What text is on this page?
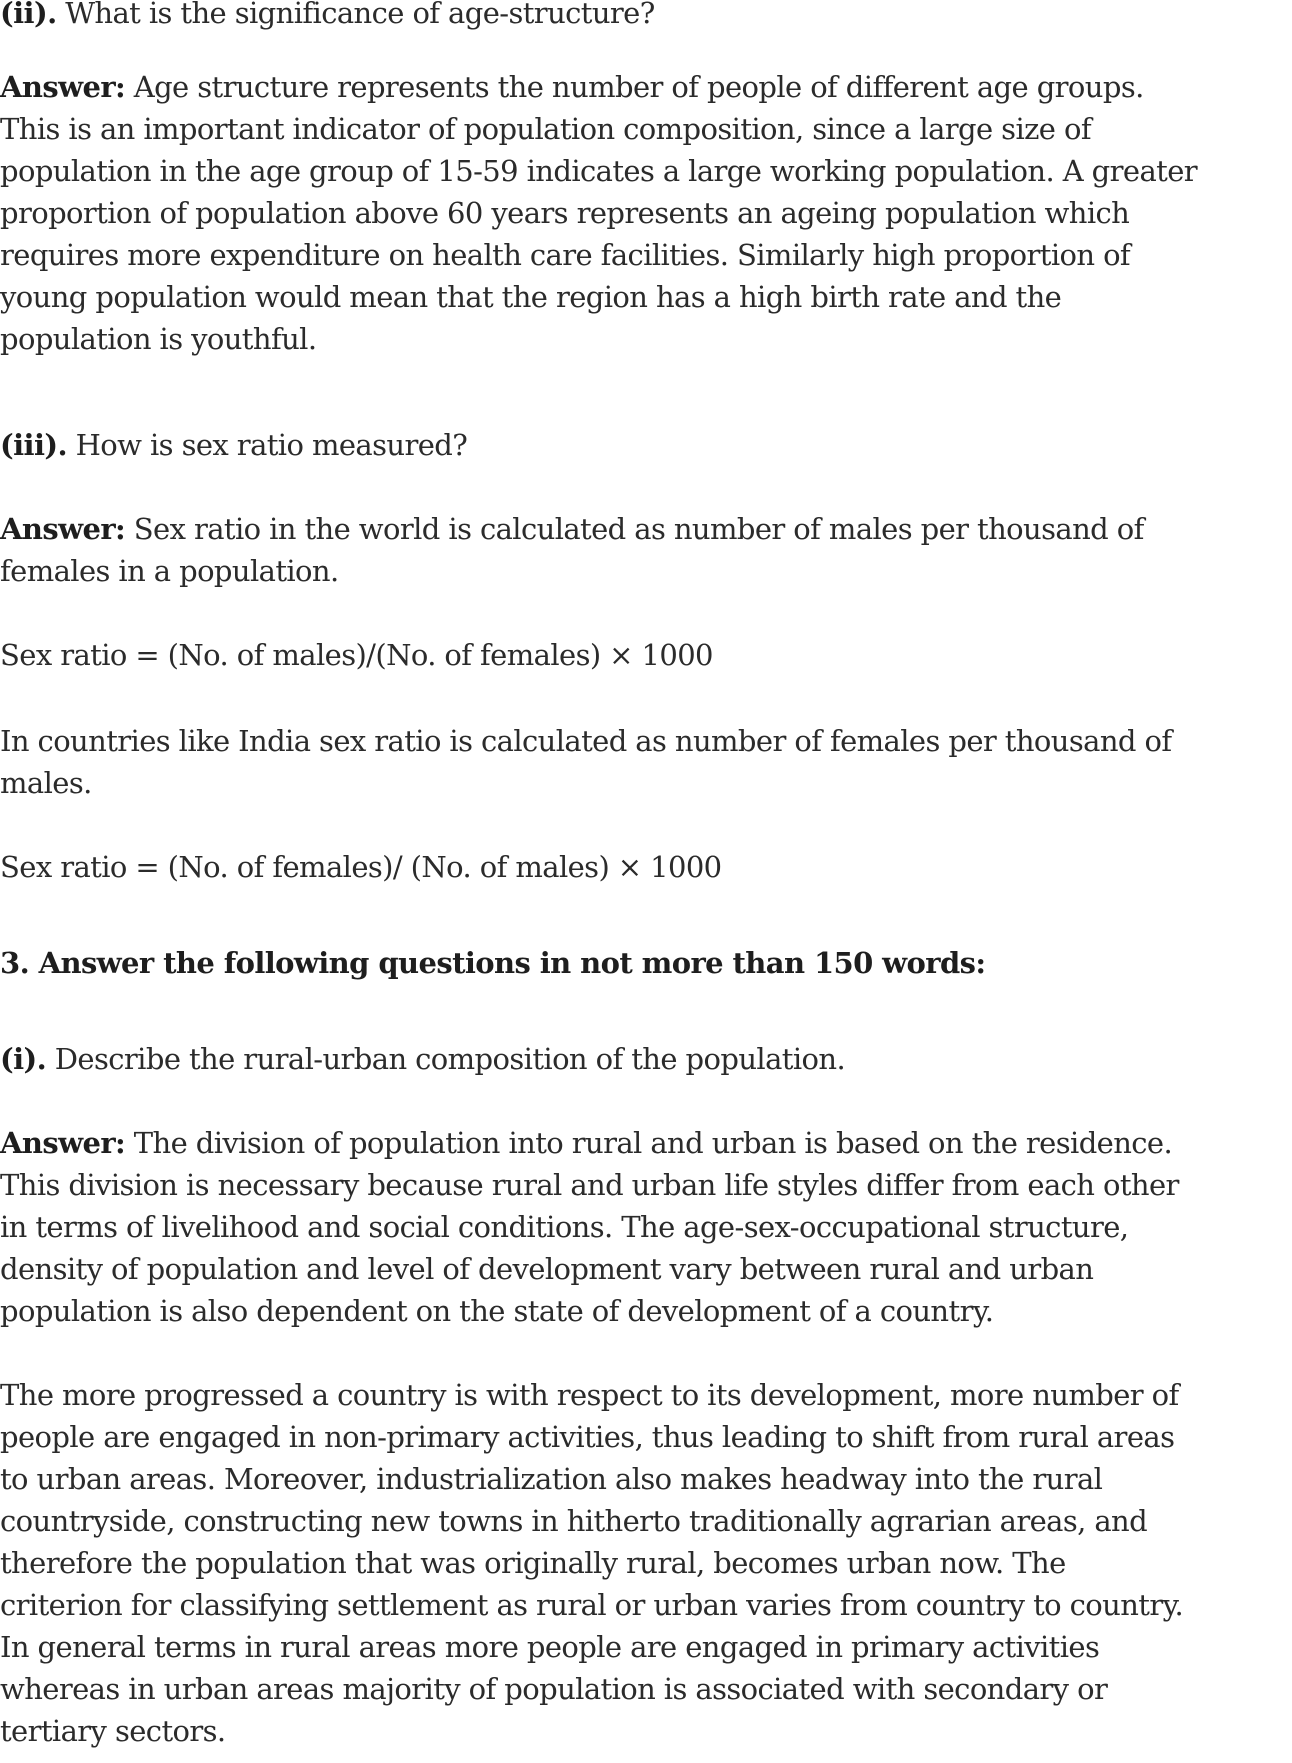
(ii). What is the significance of age-structure?

Answer: Age structure represents the number of people of different age groups.
This is an important indicator of population composition, since a large size of
population in the age group of 15-59 indicates a large working population. A greater
proportion of population above 60 years represents an ageing population which
requires more expenditure on health care facilities. Similarly high proportion of
young population would mean that the region has a high birth rate and the
population is youthful.

(iii). How is sex ratio measured?

Answer: Sex ratio in the world is calculated as number of males per thousand of
females in a population.

Sex ratio = (No. of males)/(No. of females) × 1000

In countries like India sex ratio is calculated as number of females per thousand of
males.

Sex ratio = (No. of females)/ (No. of males) × 1000

3. Answer the following questions in not more than 150 words:

(i). Describe the rural-urban composition of the population.

Answer: The division of population into rural and urban is based on the residence.
This division is necessary because rural and urban life styles differ from each other
in terms of livelihood and social conditions. The age-sex-occupational structure,
density of population and level of development vary between rural and urban
population is also dependent on the state of development of a country.

The more progressed a country is with respect to its development, more number of
people are engaged in non-primary activities, thus leading to shift from rural areas
to urban areas. Moreover, industrialization also makes headway into the rural
countryside, constructing new towns in hitherto traditionally agrarian areas, and
therefore the population that was originally rural, becomes urban now. The
criterion for classifying settlement as rural or urban varies from country to country.
In general terms in rural areas more people are engaged in primary activities
whereas in urban areas majority of population is associated with secondary or
tertiary sectors.
